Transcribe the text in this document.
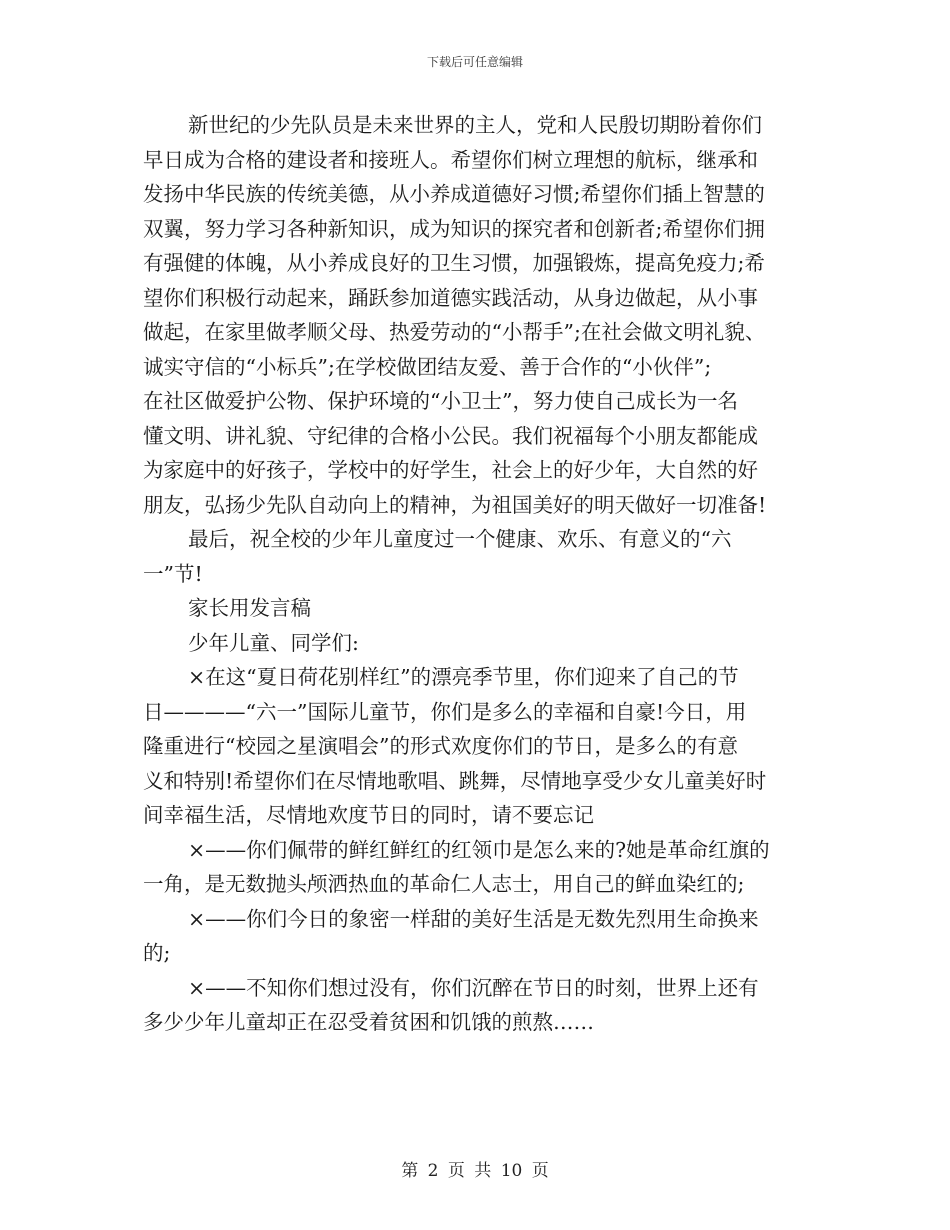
下载后可任意编辑
新世纪的少先队员是未来世界的主人，党和人民殷切期盼着你们
早日成为合格的建设者和接班人。希望你们树立理想的航标，继承和
发扬中华民族的传统美德，从小养成道德好习惯;希望你们插上智慧的
双翼，努力学习各种新知识，成为知识的探究者和创新者;希望你们拥
有强健的体魄，从小养成良好的卫生习惯，加强锻炼，提高免疫力;希
望你们积极行动起来，踊跃参加道德实践活动，从身边做起，从小事
做起，在家里做孝顺父母、热爱劳动的“小帮手”;在社会做文明礼貌、
诚实守信的“小标兵”;在学校做团结友爱、善于合作的“小伙伴”;
在社区做爱护公物、保护环境的“小卫士”，努力使自己成长为一名
懂文明、讲礼貌、守纪律的合格小公民。我们祝福每个小朋友都能成
为家庭中的好孩子，学校中的好学生，社会上的好少年，大自然的好
朋友，弘扬少先队自动向上的精神，为祖国美好的明天做好一切准备!
最后，祝全校的少年儿童度过一个健康、欢乐、有意义的“六
一”节!
家长用发言稿
少年儿童、同学们:
×在这“夏日荷花别样红”的漂亮季节里，你们迎来了自己的节
日————“六一”国际儿童节，你们是多么的幸福和自豪!今日，用
隆重进行“校园之星演唱会”的形式欢度你们的节日，是多么的有意
义和特别!希望你们在尽情地歌唱、跳舞，尽情地享受少女儿童美好时
间幸福生活，尽情地欢度节日的同时，请不要忘记
×——你们佩带的鲜红鲜红的红领巾是怎么来的?她是革命红旗的
一角，是无数抛头颅洒热血的革命仁人志士，用自己的鲜血染红的;
×——你们今日的象密一样甜的美好生活是无数先烈用生命换来
的;
×——不知你们想过没有，你们沉醉在节日的时刻，世界上还有
多少少年儿童却正在忍受着贫困和饥饿的煎熬……
第 2 页 共 10 页
